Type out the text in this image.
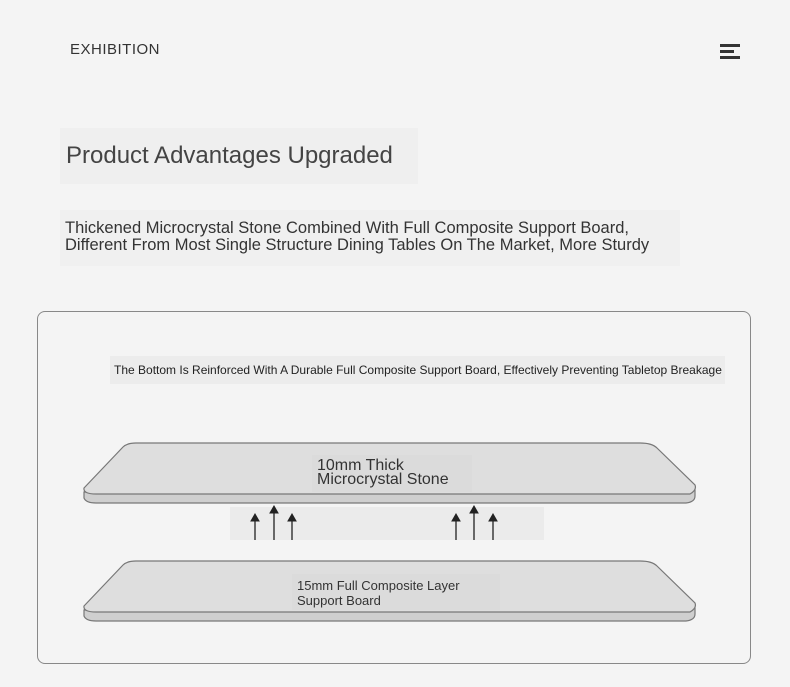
EXHIBITION
Product Advantages Upgraded
Thickened Microcrystal Stone Combined With Full Composite Support Board,
Different From Most Single Structure Dining Tables On The Market, More Sturdy
The Bottom Is Reinforced With A Durable Full Composite Support Board, Effectively Preventing Tabletop Breakage
10mm Thick
Microcrystal Stone
15mm Full Composite Layer
Support Board
